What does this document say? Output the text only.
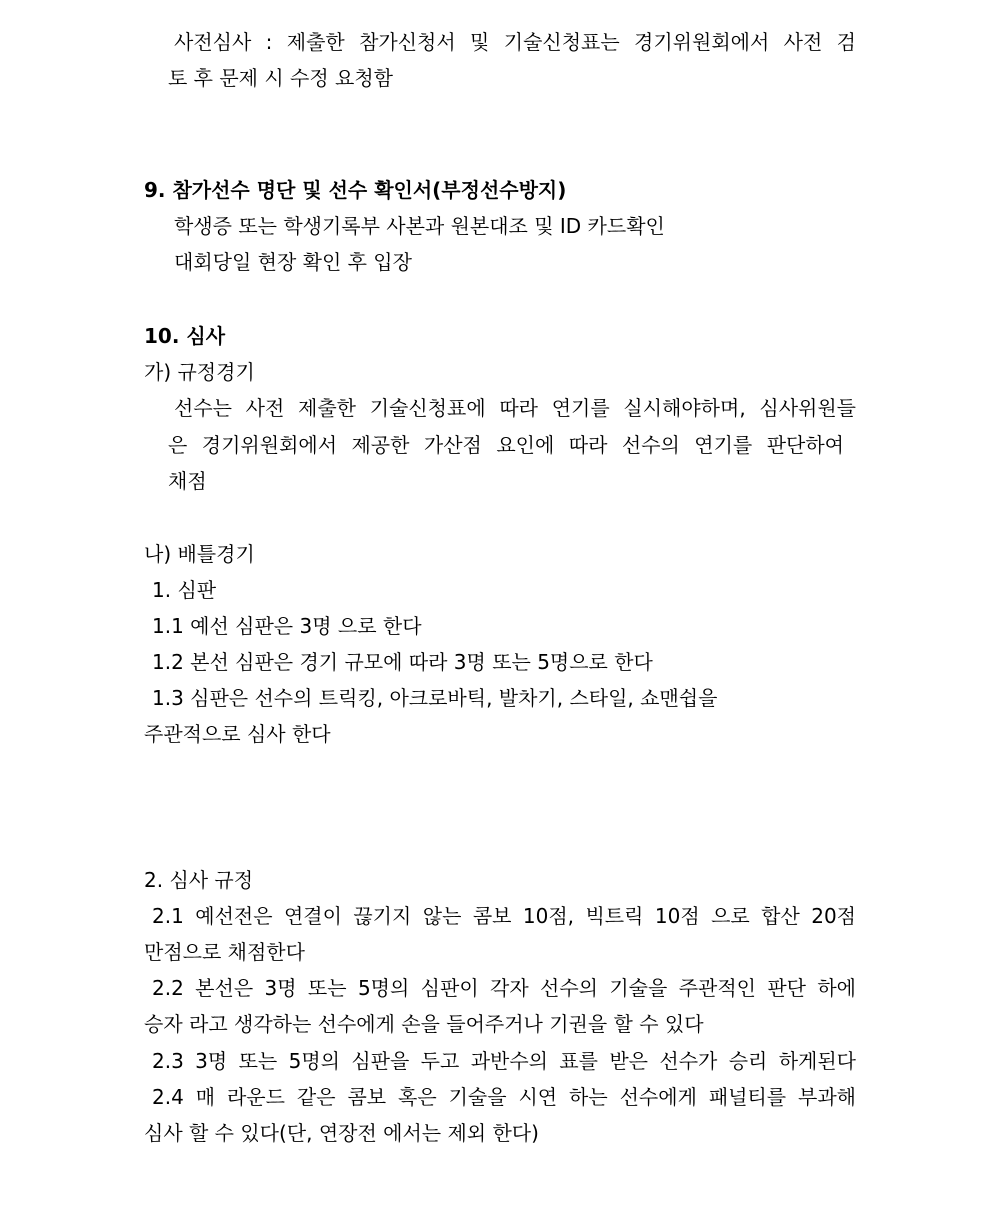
사전심사 : 제출한 참가신청서 및 기술신청표는 경기위원회에서 사전 검
토 후 문제 시 수정 요청함
9. 참가선수 명단 및 선수 확인서(부정선수방지)
학생증 또는 학생기록부 사본과 원본대조 및 ID 카드확인
대회당일 현장 확인 후 입장
10. 심사
가) 규정경기
선수는 사전 제출한 기술신청표에 따라 연기를 실시해야하며, 심사위원들
은 경기위원회에서 제공한 가산점 요인에 따라 선수의 연기를 판단하여
채점
나) 배틀경기
1. 심판
1.1 예선 심판은 3명 으로 한다
1.2 본선 심판은 경기 규모에 따라 3명 또는 5명으로 한다
1.3 심판은 선수의 트릭킹, 아크로바틱, 발차기, 스타일, 쇼맨쉽을
주관적으로 심사 한다
2. 심사 규정
2.1 예선전은 연결이 끊기지 않는 콤보 10점, 빅트릭 10점 으로 합산 20점
만점으로 채점한다
2.2 본선은 3명 또는 5명의 심판이 각자 선수의 기술을 주관적인 판단 하에
승자 라고 생각하는 선수에게 손을 들어주거나 기권을 할 수 있다
2.3 3명 또는 5명의 심판을 두고 과반수의 표를 받은 선수가 승리 하게된다
2.4 매 라운드 같은 콤보 혹은 기술을 시연 하는 선수에게 패널티를 부과해
심사 할 수 있다(단, 연장전 에서는 제외 한다)
